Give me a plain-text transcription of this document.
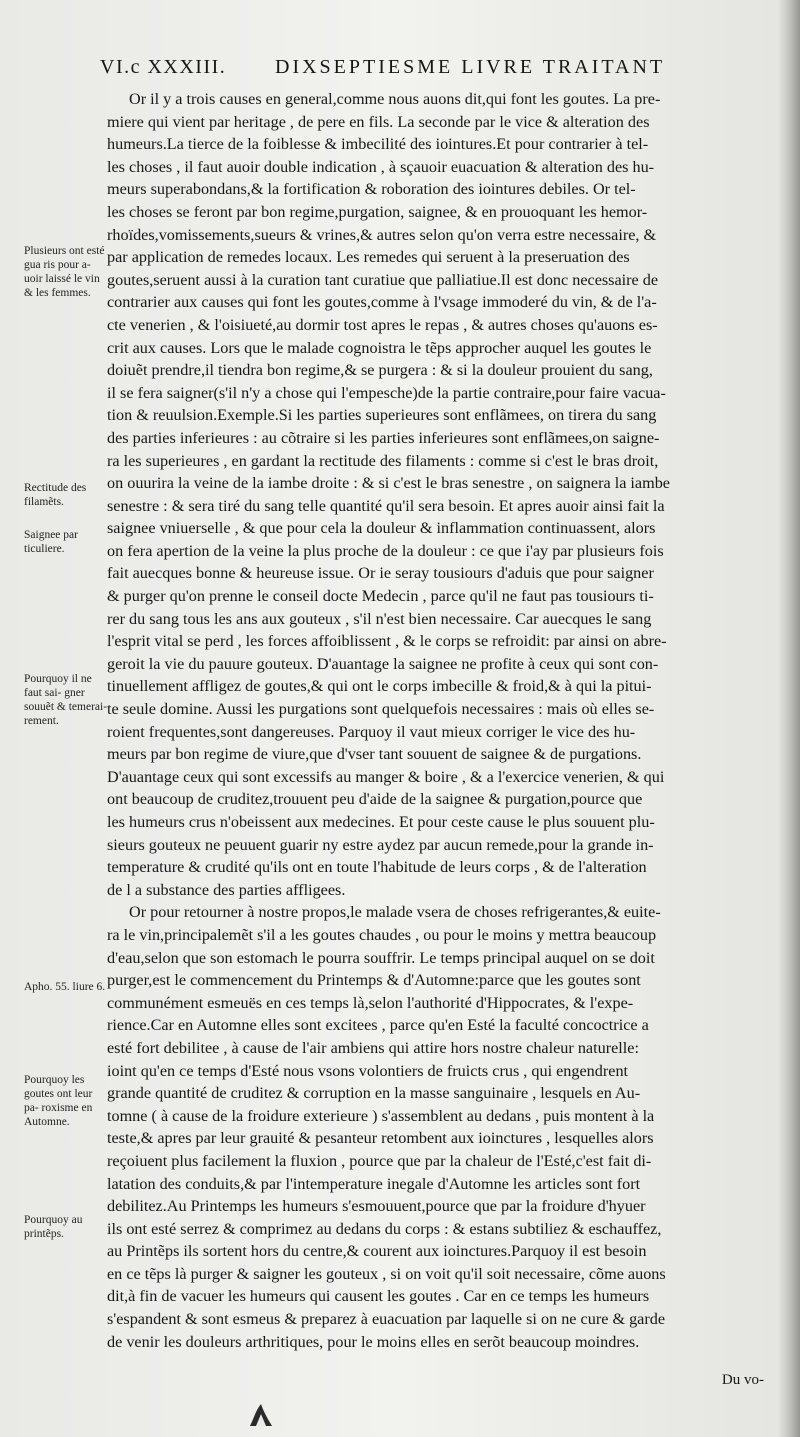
VI.c XXXIII.	DIXSEPTIESME LIVRE TRAITANT
Plusieurs ont esté gua ris pour a- uoir laissé le vin & les femmes.
Rectitude des filamẽts.
Saignee par ticuliere.
Pourquoy il ne faut sai- gner souuẽt & temerai- rement.
Apho. 55. liure 6.
Pourquoy les goutes ont leur pa- roxisme en Automne.
Pourquoy au printẽps.
Or il y a trois causes en general,comme nous auons dit,qui font les goutes. La pre-
miere qui vient par heritage , de pere en fils. La seconde par le vice & alteration des
humeurs.La tierce de la foiblesse & imbecilité des iointures.Et pour contrarier à tel-
les choses , il faut auoir double indication , à sçauoir euacuation & alteration des hu-
meurs superabondans,& la fortification & roboration des iointures debiles. Or tel-
les choses se feront par bon regime,purgation, saignee, & en prouoquant les hemor-
rhoïdes,vomissements,sueurs & vrines,& autres selon qu'on verra estre necessaire, &
par application de remedes locaux. Les remedes qui seruent à la preseruation des
goutes,seruent aussi à la curation tant curatiue que palliatiue.Il est donc necessaire de
contrarier aux causes qui font les goutes,comme à l'vsage immoderé du vin, & de l'a-
cte venerien , & l'oisiueté,au dormir tost apres le repas , & autres choses qu'auons es-
crit aux causes. Lors que le malade cognoistra le tẽps approcher auquel les goutes le
doiuẽt prendre,il tiendra bon regime,& se purgera : & si la douleur prouient du sang,
il se fera saigner(s'il n'y a chose qui l'empesche)de la partie contraire,pour faire vacua-
tion & reuulsion.Exemple.Si les parties superieures sont enflãmees, on tirera du sang
des parties inferieures : au cõtraire si les parties inferieures sont enflãmees,on saigne-
ra les superieures , en gardant la rectitude des filaments : comme si c'est le bras droit,
on ouurira la veine de la iambe droite : & si c'est le bras senestre , on saignera la iambe
senestre : & sera tiré du sang telle quantité qu'il sera besoin. Et apres auoir ainsi fait la
saignee vniuerselle , & que pour cela la douleur & inflammation continuassent, alors
on fera apertion de la veine la plus proche de la douleur : ce que i'ay par plusieurs fois
fait auecques bonne & heureuse issue. Or ie seray tousiours d'aduis que pour saigner
& purger qu'on prenne le conseil docte Medecin , parce qu'il ne faut pas tousiours ti-
rer du sang tous les ans aux gouteux , s'il n'est bien necessaire. Car auecques le sang
l'esprit vital se perd , les forces affoiblissent , & le corps se refroidit: par ainsi on abre-
geroit la vie du pauure gouteux. D'auantage la saignee ne profite à ceux qui sont con-
tinuellement affligez de goutes,& qui ont le corps imbecille & froid,& à qui la pitui-
te seule domine. Aussi les purgations sont quelquefois necessaires : mais où elles se-
roient frequentes,sont dangereuses. Parquoy il vaut mieux corriger le vice des hu-
meurs par bon regime de viure,que d'vser tant souuent de saignee & de purgations.
D'auantage ceux qui sont excessifs au manger & boire , & a l'exercice venerien, & qui
ont beaucoup de cruditez,trouuent peu d'aide de la saignee & purgation,pource que
les humeurs crus n'obeissent aux medecines. Et pour ceste cause le plus souuent plu-
sieurs gouteux ne peuuent guarir ny estre aydez par aucun remede,pour la grande in-
temperature & crudité qu'ils ont en toute l'habitude de leurs corps , & de l'alteration
de l a substance des parties affligees.
Or pour retourner à nostre propos,le malade vsera de choses refrigerantes,& euite-
ra le vin,principalemẽt s'il a les goutes chaudes , ou pour le moins y mettra beaucoup
d'eau,selon que son estomach le pourra souffrir. Le temps principal auquel on se doit
purger,est le commencement du Printemps & d'Automne:parce que les goutes sont
communément esmeuës en ces temps là,selon l'authorité d'Hippocrates, & l'expe-
rience.Car en Automne elles sont excitees , parce qu'en Esté la faculté concoctrice a
esté fort debilitee , à cause de l'air ambiens qui attire hors nostre chaleur naturelle:
ioint qu'en ce temps d'Esté nous vsons volontiers de fruicts crus , qui engendrent
grande quantité de cruditez & corruption en la masse sanguinaire , lesquels en Au-
tomne ( à cause de la froidure exterieure ) s'assemblent au dedans , puis montent à la
teste,& apres par leur grauité & pesanteur retombent aux ioinctures , lesquelles alors
reçoiuent plus facilement la fluxion , pource que par la chaleur de l'Esté,c'est fait di-
latation des conduits,& par l'intemperature inegale d'Automne les articles sont fort
debilitez.Au Printemps les humeurs s'esmouuent,pource que par la froidure d'hyuer
ils ont esté serrez & comprimez au dedans du corps : & estans subtiliez & eschauffez,
au Printẽps ils sortent hors du centre,& courent aux ioinctures.Parquoy il est besoin
en ce tẽps là purger & saigner les gouteux , si on voit qu'il soit necessaire, cõme auons
dit,à fin de vacuer les humeurs qui causent les goutes . Car en ce temps les humeurs
s'espandent & sont esmeus & preparez à euacuation par laquelle si on ne cure & garde
de venir les douleurs arthritiques, pour le moins elles en serõt beaucoup moindres.
Du vo-
